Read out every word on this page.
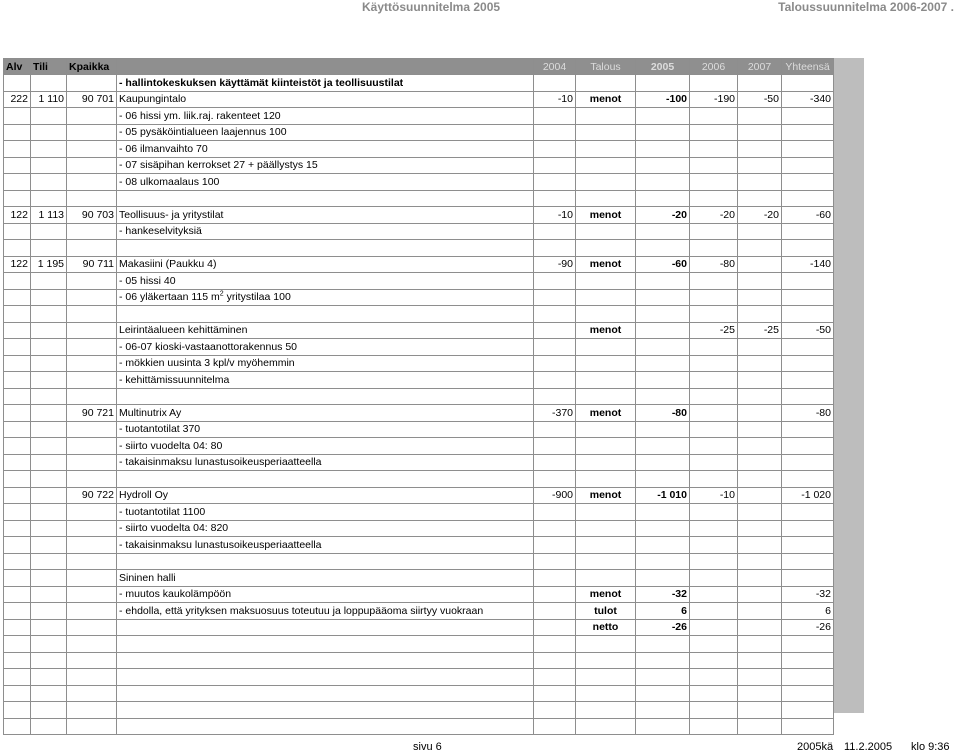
Käyttösuunnitelma 2005	Taloussuunnitelma 2006-2007 .
Alv	Tili	Kpaikka		2004	Talous	2005	2006	2007	Yhteensä
			- hallintokeskuksen käyttämät kiinteistöt ja teollisuustilat						
222	1 110	90 701	Kaupungintalo	-10	menot	-100	-190	-50	-340
			- 06 hissi ym. liik.raj. rakenteet 120						
			- 05 pysäköintialueen laajennus 100						
			- 06 ilmanvaihto 70						
			- 07 sisäpihan kerrokset 27 + päällystys 15						
			- 08 ulkomaalaus 100						

122	1 113	90 703	Teollisuus- ja yritystilat	-10	menot	-20	-20	-20	-60
			- hankeselvityksiä						

122	1 195	90 711	Makasiini (Paukku 4)	-90	menot	-60	-80		-140
			- 05 hissi 40						
			- 06 yläkertaan 115 $m^2$ yritystilaa 100						

			Leirintäalueen kehittäminen		menot		-25	-25	-50
			- 06-07 kioski-vastaanottorakennus 50						
			- mökkien uusinta 3 kpl/v myöhemmin						
			- kehittämissuunnitelma						

		90 721	Multinutrix Ay	-370	menot	-80			-80
			- tuotantotilat 370						
			- siirto vuodelta 04: 80						
			- takaisinmaksu lunastusoikeusperiaatteella						

		90 722	Hydroll Oy	-900	menot	-1 010	-10		-1 020
			- tuotantotilat 1100						
			- siirto vuodelta 04: 820						
			- takaisinmaksu lunastusoikeusperiaatteella						

			Sininen halli						
			- muutos kaukolämpöön		menot	-32			-32
			- ehdolla, että yrityksen maksuosuus toteutuu ja loppupääoma siirtyy vuokraan		tulot	6			6
					netto	-26			-26

sivu 6	2005kä 11.2.2005 klo 9:36
